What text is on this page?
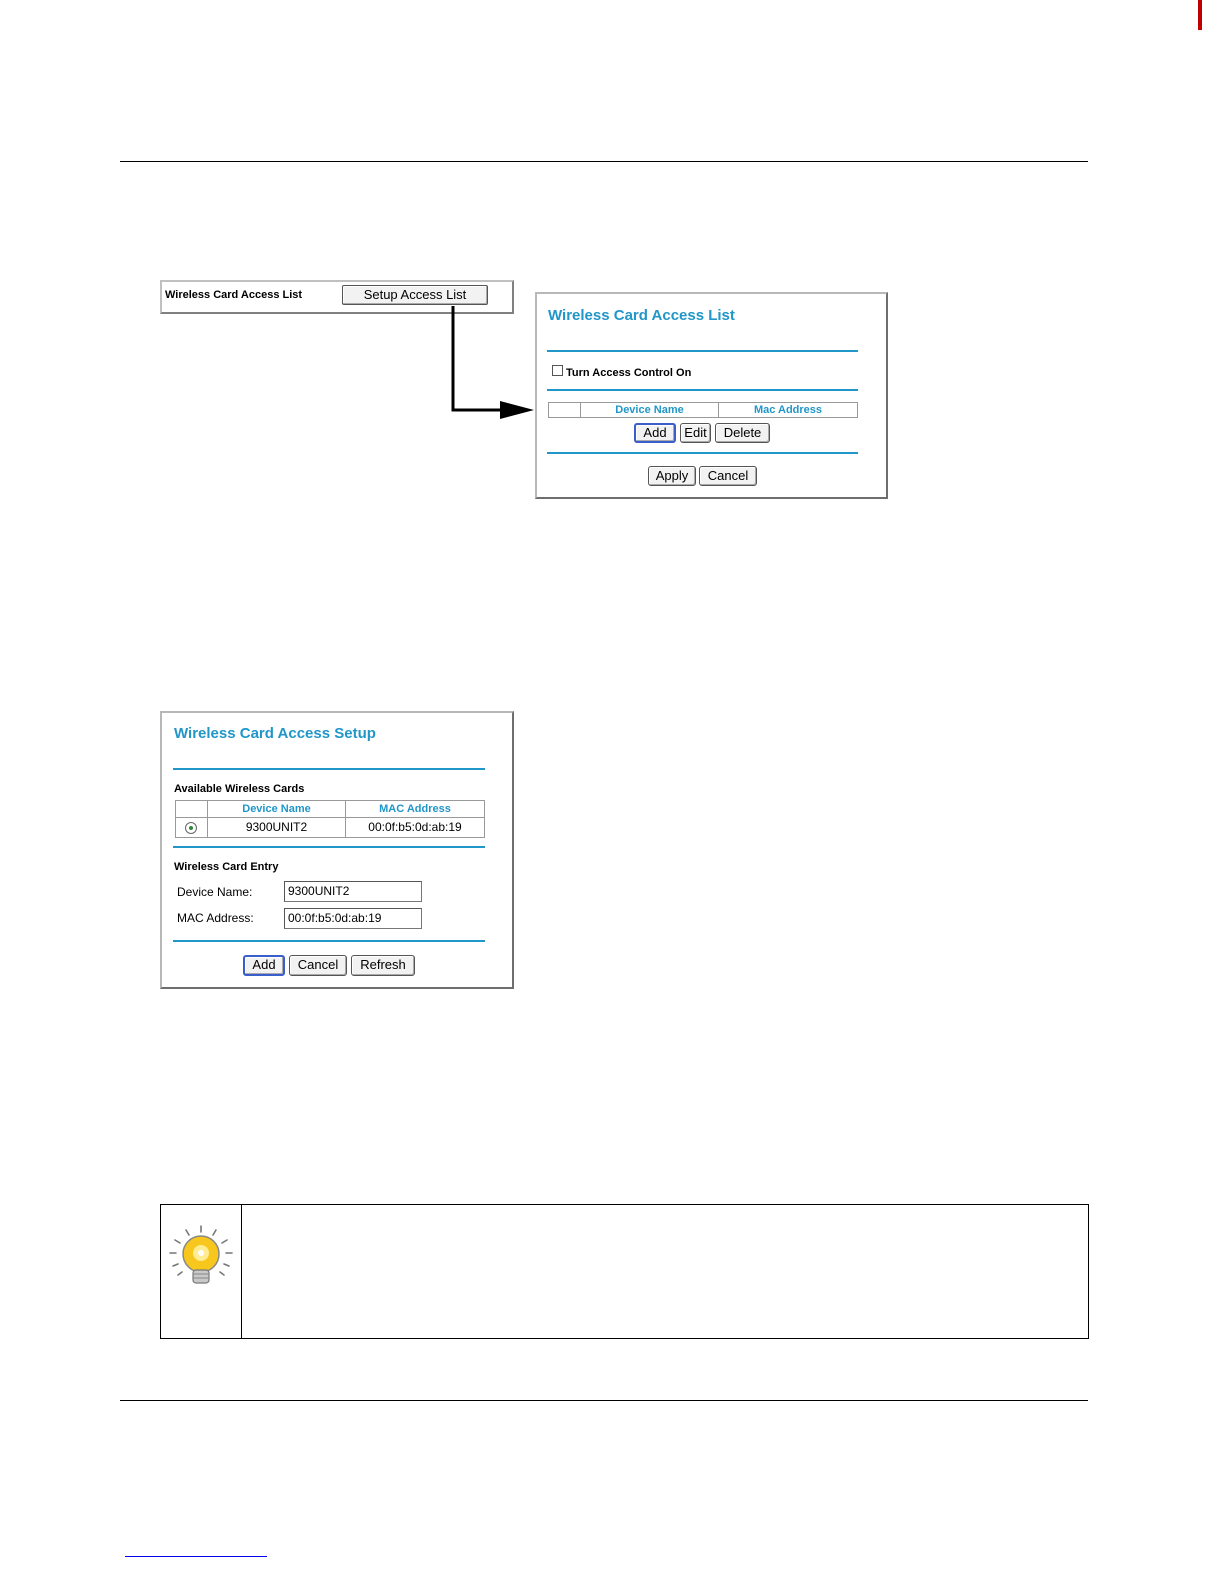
Wireless Card Access List	Setup Access List
Wireless Card Access List
Turn Access Control On
Device Name	Mac Address
Add	Edit	Delete
Apply	Cancel
Wireless Card Access Setup
Available Wireless Cards
Device Name	MAC Address
9300UNIT2	00:0f:b5:0d:ab:19
Wireless Card Entry
Device Name:	9300UNIT2
MAC Address:	00:0f:b5:0d:ab:19
Add	Cancel	Refresh
